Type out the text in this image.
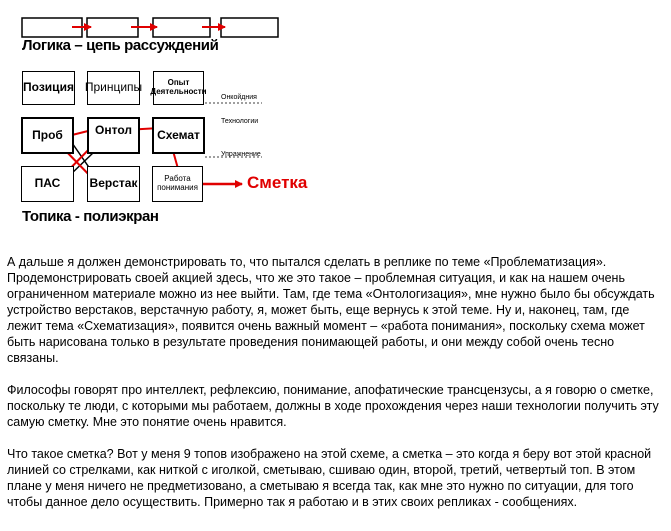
Логика – цепь рассуждений
Позиция Принципы	Опыт
Деятельности
Онкойдния
Проб	Онтол Схемат
Технологии
ПАС Верстак	Работа
понимания
Упражнение
Сметка
Топика - полиэкран

А дальше я должен демонстрировать то, что пытался сделать в реплике по теме «Проблематизация». Продемонстрировать своей акцией здесь, что же это такое – проблемная ситуация, и как на нашем очень ограниченном материале можно из нее выйти. Там, где тема «Онтологизация», мне нужно было бы обсуждать устройство верстаков, верстачную работу, я, может быть, еще вернусь к этой теме. Ну и, наконец, там, где лежит тема «Схематизация», появится очень важный момент – «работа понимания», поскольку схема может быть нарисована только в результате проведения понимающей работы, и они между собой очень тесно связаны.

Философы говорят про интеллект, рефлексию, понимание, апофатические трансцензусы, а я говорю о сметке, поскольку те люди, с которыми мы работаем, должны в ходе прохождения через наши технологии получить эту самую сметку. Мне это понятие очень нравится.

Что такое сметка? Вот у меня 9 топов изображено на этой схеме, а сметка – это когда я беру вот этой красной линией со стрелками, как ниткой с иголкой, сметываю, сшиваю один, второй, третий, четвертый топ. В этом плане у меня ничего не предметизовано, а сметываю я всегда так, как мне это нужно по ситуации, для того чтобы данное дело осуществить. Примерно так я работаю и в этих своих репликах - сообщениях.
